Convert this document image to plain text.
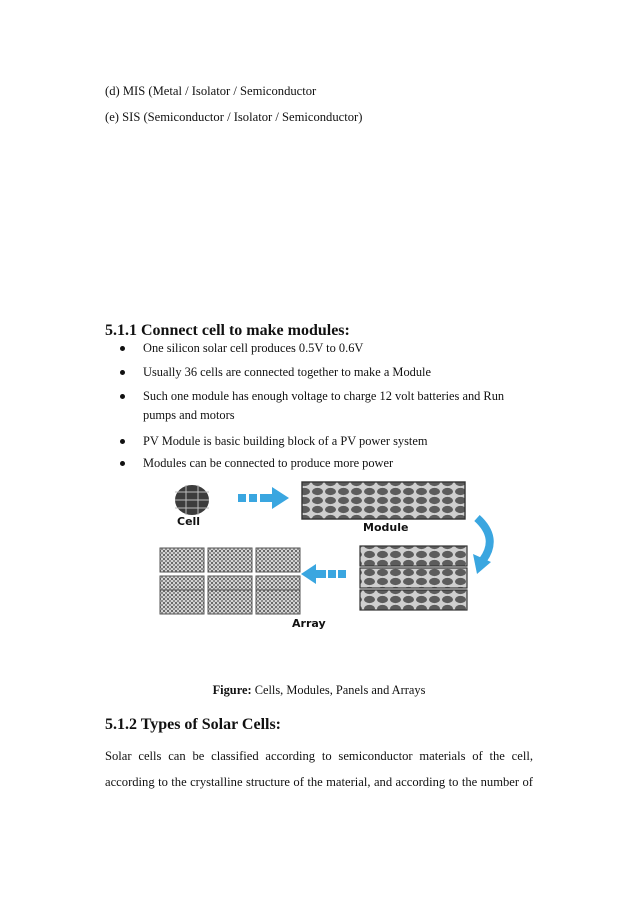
(d) MIS (Metal / Isolator / Semiconductor
(e) SIS (Semiconductor / Isolator / Semiconductor)
5.1.1 Connect cell to make modules:
One silicon solar cell produces 0.5V to 0.6V
Usually 36 cells are connected together to make a Module
Such one module has enough voltage to charge 12 volt batteries and Run
pumps and motors
PV Module is basic building block of a PV power system
Modules can be connected to produce more power
Cell	Module
Array
Figure: Cells, Modules, Panels and Arrays
5.1.2 Types of Solar Cells:
Solar cells can be classified according to semiconductor materials of the cell,
according to the crystalline structure of the material, and according to the number of
